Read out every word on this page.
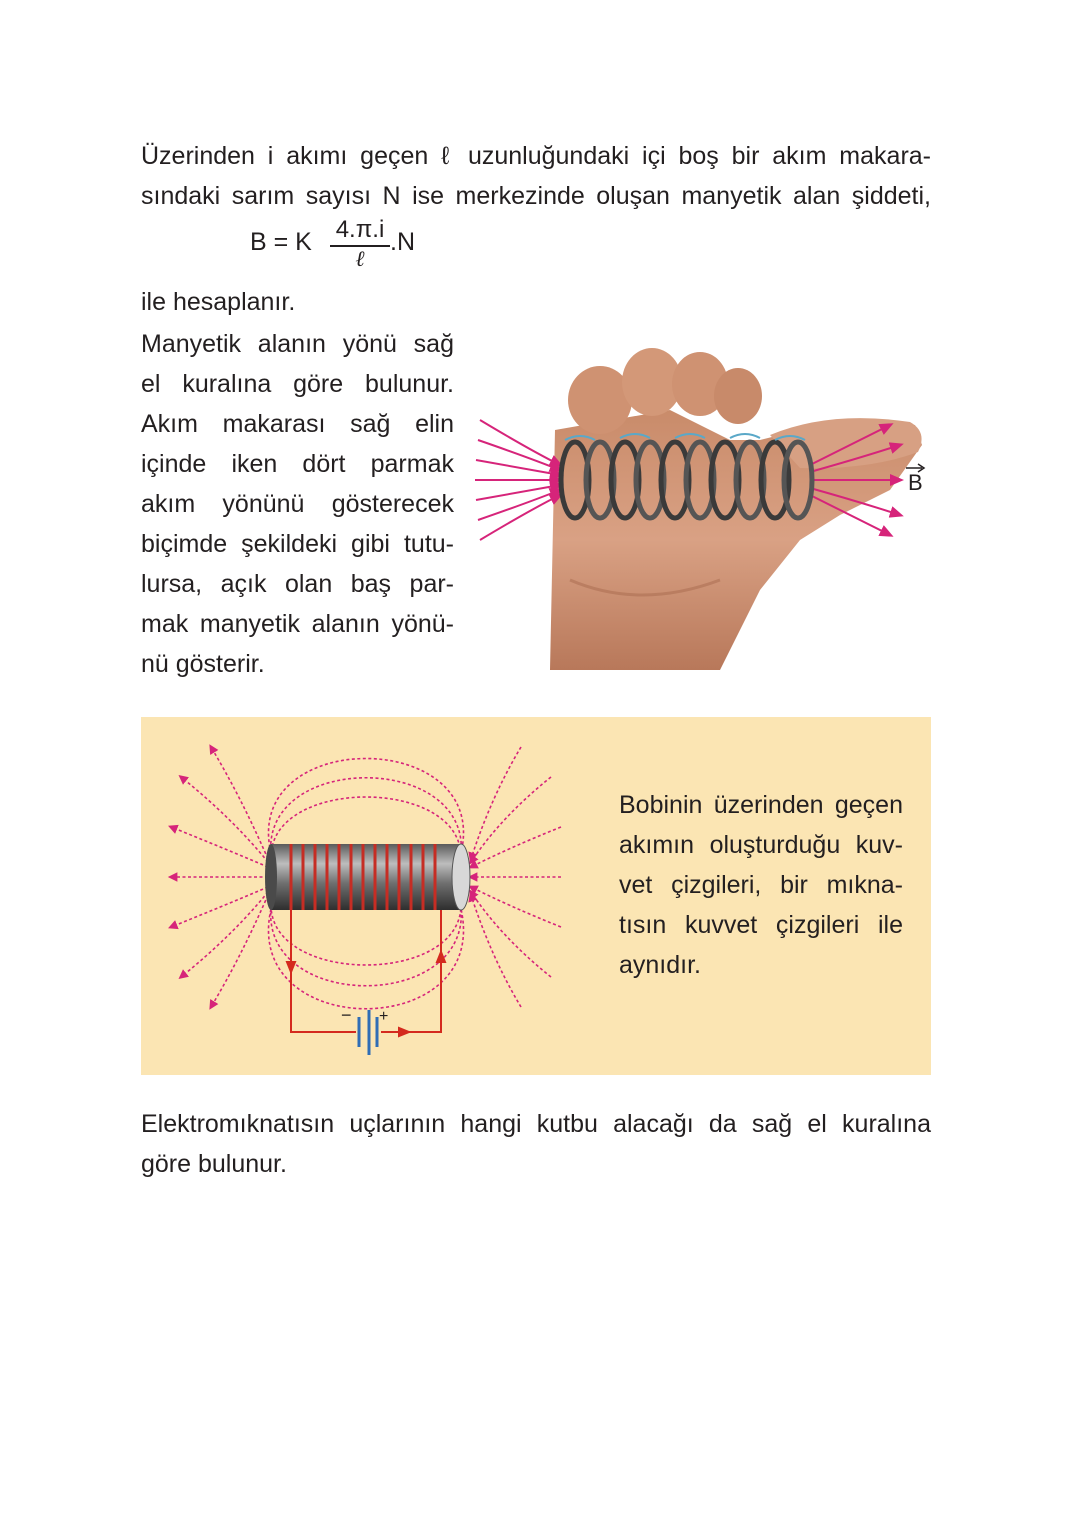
Üzerinden i akımı geçen ℓ uzunluğundaki içi boş bir akım makara-
sındaki sarım sayısı N ise merkezinde oluşan manyetik alan şiddeti,
B = K 4.π.i
ℓ
.N
ile hesaplanır.
Manyetik alanın yönü sağ
el kuralına göre bulunur.
Akım makarası sağ elin
içinde iken dört parmak
akım yönünü gösterecek
biçimde şekildeki gibi tutu-
lursa, açık olan baş par-
mak manyetik alanın yönü-
nü gösterir.
B
− +
Bobinin üzerinden geçen
akımın oluşturduğu kuv-
vet çizgileri, bir mıkna-
tısın kuvvet çizgileri ile
aynıdır.
Elektromıknatısın uçlarının hangi kutbu alacağı da sağ el kuralına
göre bulunur.
